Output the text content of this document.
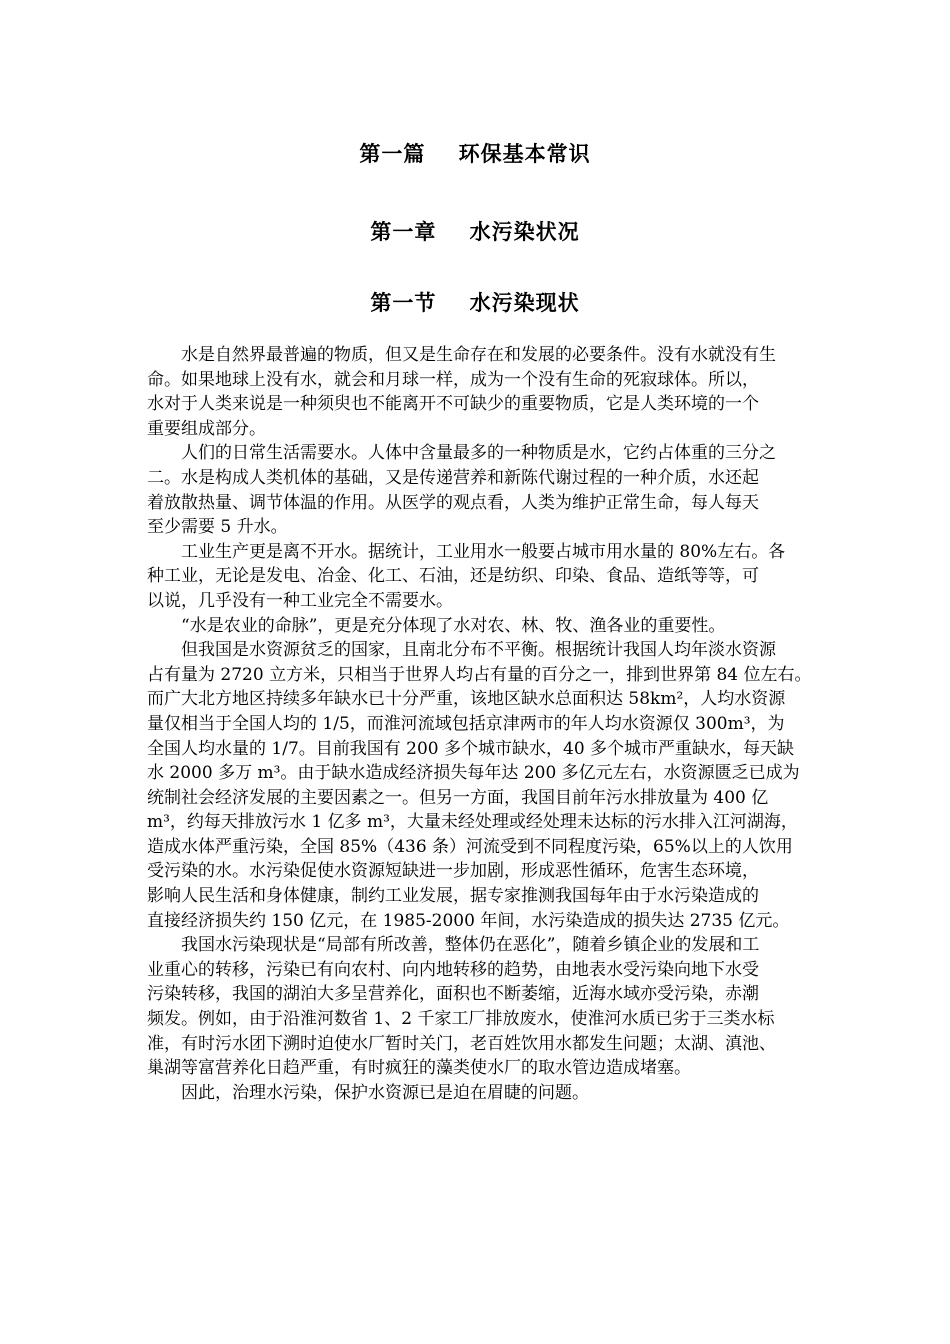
第一篇    环保基本常识
第一章    水污染状况
第一节    水污染现状
　　水是自然界最普遍的物质，但又是生命存在和发展的必要条件。没有水就没有生
命。如果地球上没有水，就会和月球一样，成为一个没有生命的死寂球体。所以，
水对于人类来说是一种须臾也不能离开不可缺少的重要物质，它是人类环境的一个
重要组成部分。
　　人们的日常生活需要水。人体中含量最多的一种物质是水，它约占体重的三分之
二。水是构成人类机体的基础，又是传递营养和新陈代谢过程的一种介质，水还起
着放散热量、调节体温的作用。从医学的观点看，人类为维护正常生命，每人每天
至少需要 5 升水。
　　工业生产更是离不开水。据统计，工业用水一般要占城市用水量的 80%左右。各
种工业，无论是发电、冶金、化工、石油，还是纺织、印染、食品、造纸等等，可
以说，几乎没有一种工业完全不需要水。
　　“水是农业的命脉”，更是充分体现了水对农、林、牧、渔各业的重要性。
　　但我国是水资源贫乏的国家，且南北分布不平衡。根据统计我国人均年淡水资源
占有量为 2720 立方米，只相当于世界人均占有量的百分之一，排到世界第 84 位左右。
而广大北方地区持续多年缺水已十分严重，该地区缺水总面积达 58km²，人均水资源
量仅相当于全国人均的 1/5，而淮河流域包括京津两市的年人均水资源仅 300m³，为
全国人均水量的 1/7。目前我国有 200 多个城市缺水，40 多个城市严重缺水，每天缺
水 2000 多万 m³。由于缺水造成经济损失每年达 200 多亿元左右，水资源匮乏已成为
统制社会经济发展的主要因素之一。但另一方面，我国目前年污水排放量为 400 亿
m³，约每天排放污水 1 亿多 m³，大量未经处理或经处理未达标的污水排入江河湖海，
造成水体严重污染，全国 85%（436 条）河流受到不同程度污染，65%以上的人饮用
受污染的水。水污染促使水资源短缺进一步加剧，形成恶性循环，危害生态环境，
影响人民生活和身体健康，制约工业发展，据专家推测我国每年由于水污染造成的
直接经济损失约 150 亿元，在 1985-2000 年间，水污染造成的损失达 2735 亿元。
　　我国水污染现状是“局部有所改善，整体仍在恶化”，随着乡镇企业的发展和工
业重心的转移，污染已有向农村、向内地转移的趋势，由地表水受污染向地下水受
污染转移，我国的湖泊大多呈营养化，面积也不断萎缩，近海水域亦受污染，赤潮
频发。例如，由于沿淮河数省 1、2 千家工厂排放废水，使淮河水质已劣于三类水标
准，有时污水团下溯时迫使水厂暂时关门，老百姓饮用水都发生问题；太湖、滇池、
巢湖等富营养化日趋严重，有时疯狂的藻类使水厂的取水管边造成堵塞。
　　因此，治理水污染，保护水资源已是迫在眉睫的问题。
